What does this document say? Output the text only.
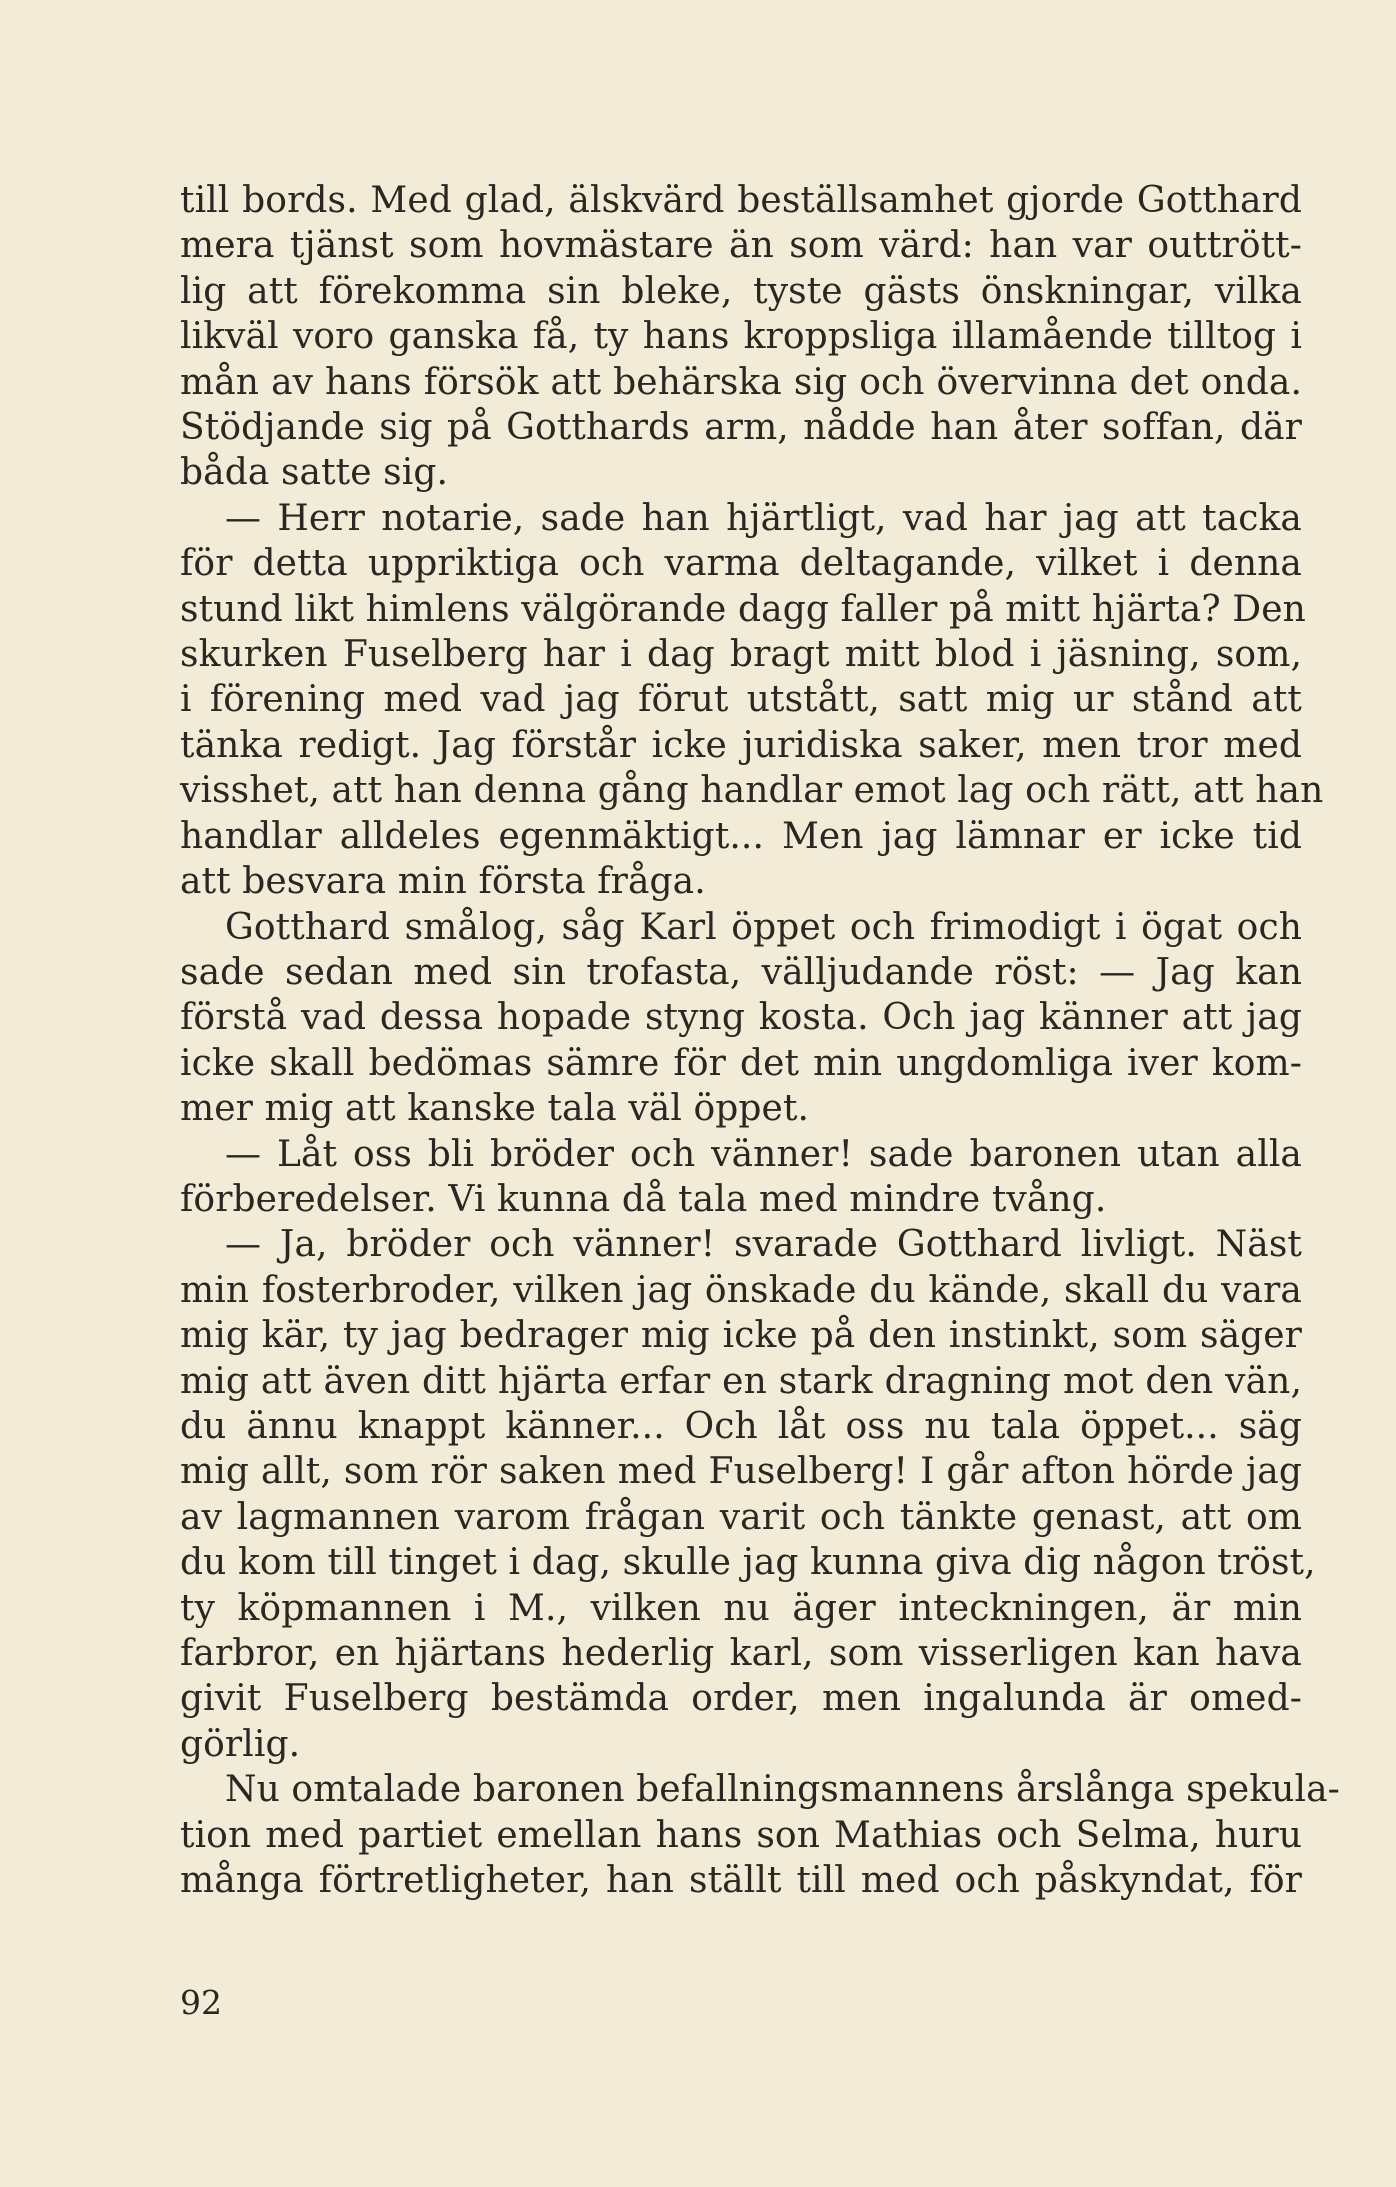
till bords. Med glad, älskvärd beställsamhet gjorde Gotthard
mera tjänst som hovmästare än som värd: han var outtrött-
lig att förekomma sin bleke, tyste gästs önskningar, vilka
likväl voro ganska få, ty hans kroppsliga illamående tilltog i
mån av hans försök att behärska sig och övervinna det onda.
Stödjande sig på Gotthards arm, nådde han åter soffan, där
båda satte sig.
— Herr notarie, sade han hjärtligt, vad har jag att tacka
för detta uppriktiga och varma deltagande, vilket i denna
stund likt himlens välgörande dagg faller på mitt hjärta? Den
skurken Fuselberg har i dag bragt mitt blod i jäsning, som,
i förening med vad jag förut utstått, satt mig ur stånd att
tänka redigt. Jag förstår icke juridiska saker, men tror med
visshet, att han denna gång handlar emot lag och rätt, att han
handlar alldeles egenmäktigt... Men jag lämnar er icke tid
att besvara min första fråga.
Gotthard smålog, såg Karl öppet och frimodigt i ögat och
sade sedan med sin trofasta, välljudande röst: — Jag kan
förstå vad dessa hopade styng kosta. Och jag känner att jag
icke skall bedömas sämre för det min ungdomliga iver kom-
mer mig att kanske tala väl öppet.
— Låt oss bli bröder och vänner! sade baronen utan alla
förberedelser. Vi kunna då tala med mindre tvång.
— Ja, bröder och vänner! svarade Gotthard livligt. Näst
min fosterbroder, vilken jag önskade du kände, skall du vara
mig kär, ty jag bedrager mig icke på den instinkt, som säger
mig att även ditt hjärta erfar en stark dragning mot den vän,
du ännu knappt känner... Och låt oss nu tala öppet... säg
mig allt, som rör saken med Fuselberg! I går afton hörde jag
av lagmannen varom frågan varit och tänkte genast, att om
du kom till tinget i dag, skulle jag kunna giva dig någon tröst,
ty köpmannen i M., vilken nu äger inteckningen, är min
farbror, en hjärtans hederlig karl, som visserligen kan hava
givit Fuselberg bestämda order, men ingalunda är omed-
görlig.
Nu omtalade baronen befallningsmannens årslånga spekula-
tion med partiet emellan hans son Mathias och Selma, huru
många förtretligheter, han ställt till med och påskyndat, för
92
